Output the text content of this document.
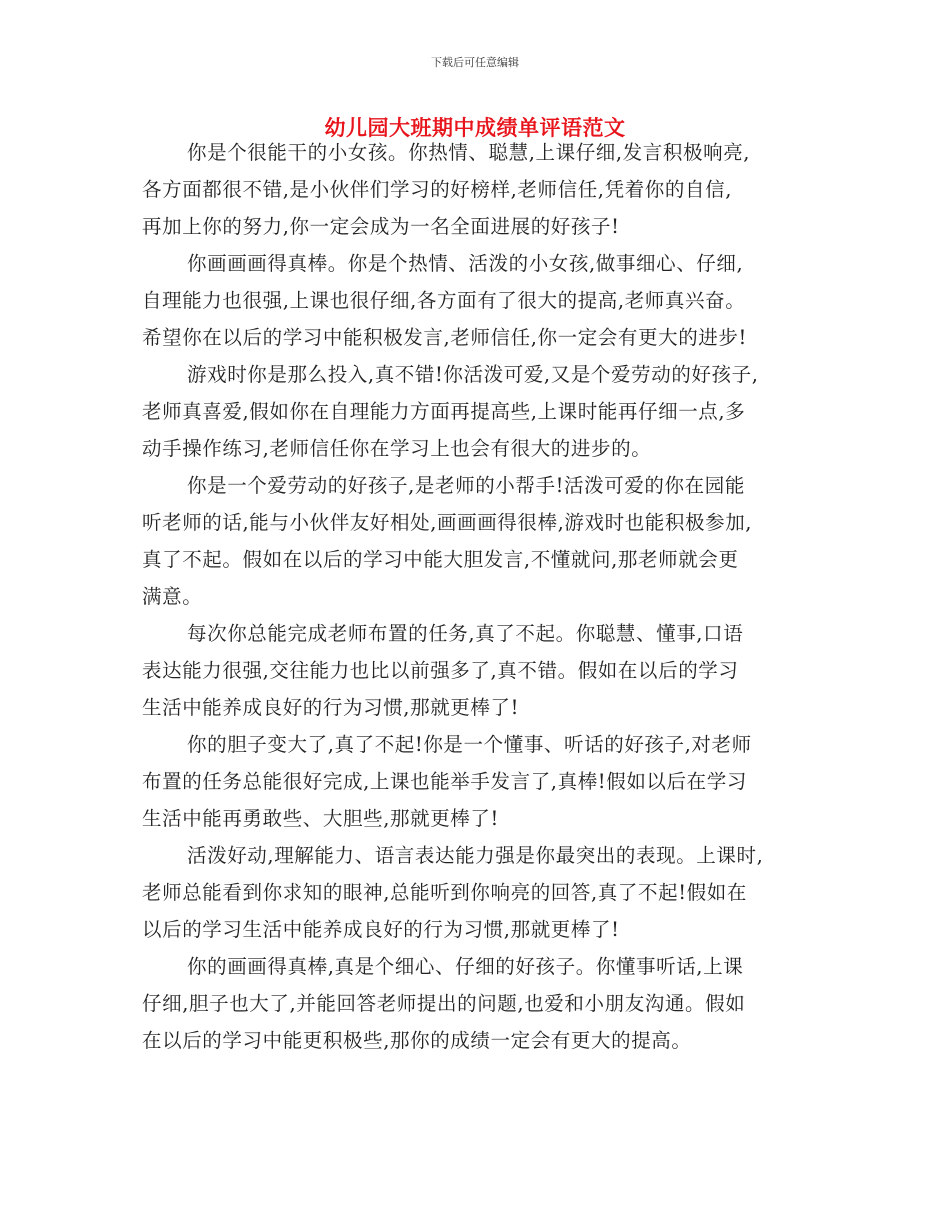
下载后可任意编辑
幼儿园大班期中成绩单评语范文
你是个很能干的小女孩。你热情、聪慧,上课仔细,发言积极响亮,
各方面都很不错,是小伙伴们学习的好榜样,老师信任,凭着你的自信,
再加上你的努力,你一定会成为一名全面进展的好孩子!
你画画画得真棒。你是个热情、活泼的小女孩,做事细心、仔细,
自理能力也很强,上课也很仔细,各方面有了很大的提高,老师真兴奋。
希望你在以后的学习中能积极发言,老师信任,你一定会有更大的进步!
游戏时你是那么投入,真不错!你活泼可爱,又是个爱劳动的好孩子,
老师真喜爱,假如你在自理能力方面再提高些,上课时能再仔细一点,多
动手操作练习,老师信任你在学习上也会有很大的进步的。
你是一个爱劳动的好孩子,是老师的小帮手!活泼可爱的你在园能
听老师的话,能与小伙伴友好相处,画画画得很棒,游戏时也能积极参加,
真了不起。假如在以后的学习中能大胆发言,不懂就问,那老师就会更
满意。
每次你总能完成老师布置的任务,真了不起。你聪慧、懂事,口语
表达能力很强,交往能力也比以前强多了,真不错。假如在以后的学习
生活中能养成良好的行为习惯,那就更棒了!
你的胆子变大了,真了不起!你是一个懂事、听话的好孩子,对老师
布置的任务总能很好完成,上课也能举手发言了,真棒!假如以后在学习
生活中能再勇敢些、大胆些,那就更棒了!
活泼好动,理解能力、语言表达能力强是你最突出的表现。上课时,
老师总能看到你求知的眼神,总能听到你响亮的回答,真了不起!假如在
以后的学习生活中能养成良好的行为习惯,那就更棒了!
你的画画得真棒,真是个细心、仔细的好孩子。你懂事听话,上课
仔细,胆子也大了,并能回答老师提出的问题,也爱和小朋友沟通。假如
在以后的学习中能更积极些,那你的成绩一定会有更大的提高。
